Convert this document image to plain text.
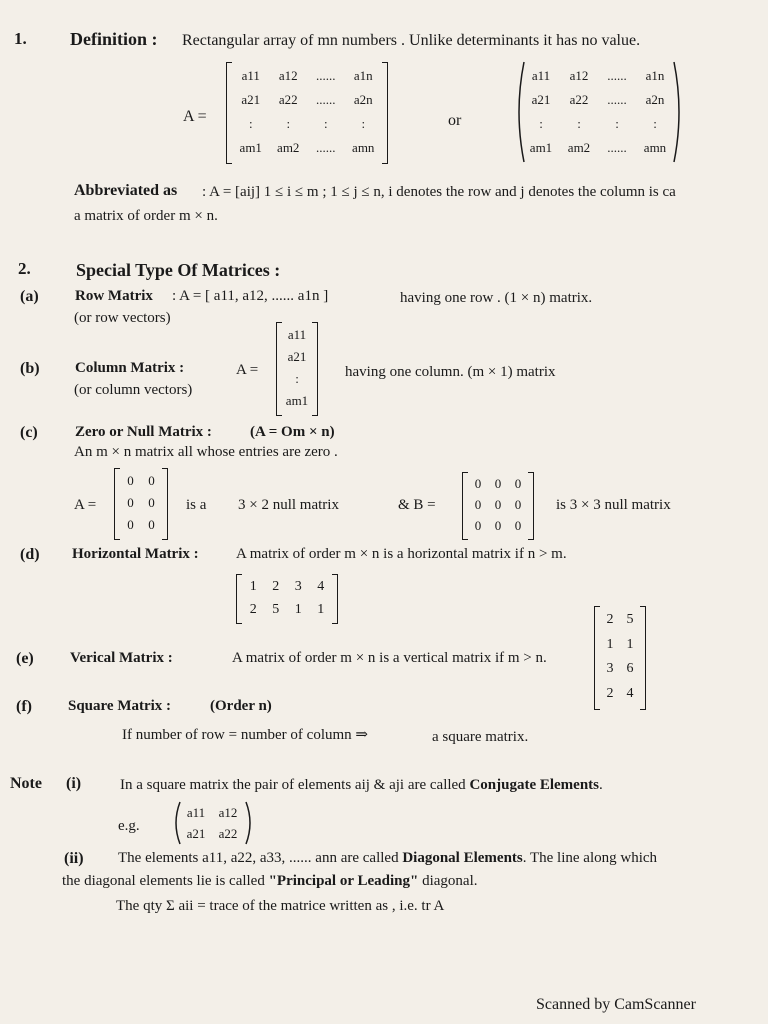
1. Definition : Rectangular array of mn numbers . Unlike determinants it has no value.
A =
a11	a12	......	a1n
a21	a22	......	a2n
:	:	:	:
am1	am2	......	amn
or
a11	a12	......	a1n
a21	a22	......	a2n
:	:	:	:
am1	am2	......	amn
Abbreviated as : A = [aij] 1 ≤ i ≤ m ; 1 ≤ j ≤ n, i denotes the row and j denotes the column is ca
a matrix of order m × n.
2.	Special Type Of Matrices :
(a) Row Matrix : A = [ a11, a12, ...... a1n ]	having one row . (1 × n) matrix.
(or row vectors)
(b) Column Matrix :
(or column vectors)
A =
a11
a21
:
am1
having one column. (m × 1) matrix
(c) Zero or Null Matrix :	(A = Om × n)
An m × n matrix all whose entries are zero .
A =
0	0
0	0
0	0
is a 3 × 2 null matrix	& B =
0	0	0
0	0	0
0	0	0
is 3 × 3 null matrix
(d) Horizontal Matrix : A matrix of order m × n is a horizontal matrix if n > m.
1	2	3	4
2	5	1	1
(e) Verical Matrix :	A matrix of order m × n is a vertical matrix if m > n.
2 5
1 1
3 6
2 4
(f) Square Matrix :	(Order n)
If number of row = number of column ⇒	a square matrix.
Note (i)	In a square matrix the pair of elements aij & aji are called Conjugate Elements.
e.g.
a11	a12
a21	a22
(ii) The elements a11, a22, a33, ...... ann are called Diagonal Elements. The line along which
the diagonal elements lie is called "Principal or Leading" diagonal.
The qty Σ aii = trace of the matrice written as , i.e. tr A
Scanned by CamScanner
